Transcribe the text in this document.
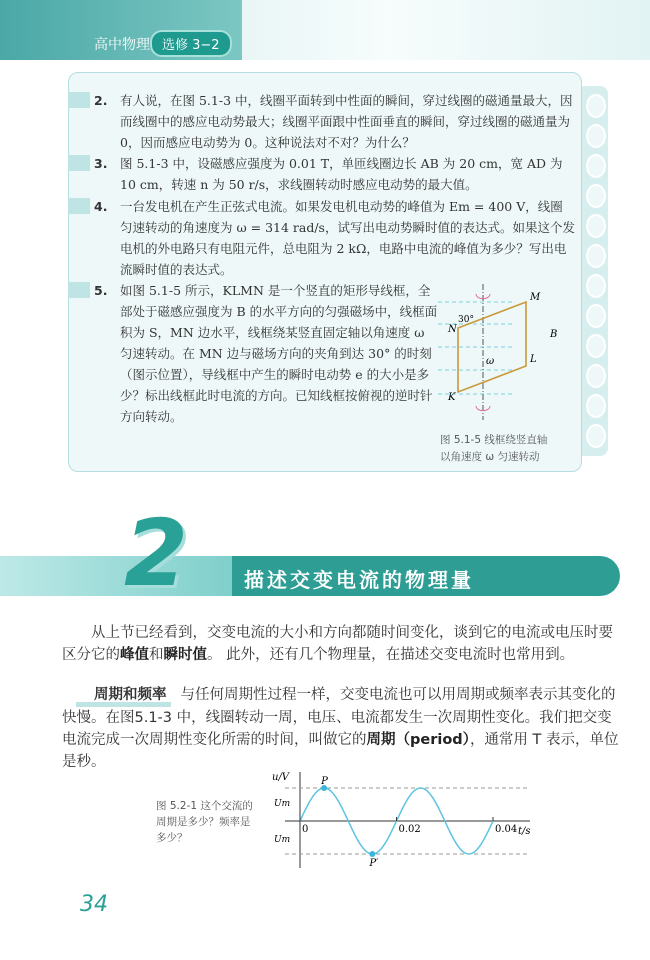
高中物理 选修 3−2
2. 有人说，在图 5.1-3 中，线圈平面转到中性面的瞬间，穿过线圈的磁通量最大，因而线圈中的感应电动势最大；线圈平面跟中性面垂直的瞬间，穿过线圈的磁通量为 0，因而感应电动势为 0。这种说法对不对？为什么？
3. 图 5.1-3 中，设磁感应强度为 0.01 T，单匝线圈边长 AB 为 20 cm，宽 AD 为 10 cm，转速 n 为 50 r/s，求线圈转动时感应电动势的最大值。
4. 一台发电机在产生正弦式电流。如果发电机电动势的峰值为 Em = 400 V，线圈匀速转动的角速度为 ω = 314 rad/s，试写出电动势瞬时值的表达式。如果这个发电机的外电路只有电阻元件，总电阻为 2 kΩ，电路中电流的峰值为多少？写出电流瞬时值的表达式。
5. 如图 5.1-5 所示，KLMN 是一个竖直的矩形导线框，全部处于磁感应强度为 B 的水平方向的匀强磁场中，线框面积为 S，MN 边水平，线框绕某竖直固定轴以角速度 ω 匀速转动。在 MN 边与磁场方向的夹角到达 30° 的时刻（图示位置），导线框中产生的瞬时电动势 e 的大小是多少？标出线框此时电流的方向。已知线框按俯视的逆时针方向转动。
M
N
K
L
B
ω
30°
图 5.1-5 线框绕竖直轴
以角速度 ω 匀速转动
2	描述交变电流的物理量
从上节已经看到，交变电流的大小和方向都随时间变化，谈到它的电流或电压时要区分它的峰值和瞬时值。 此外，还有几个物理量，在描述交变电流时也常用到。
周期和频率 与任何周期性过程一样，交变电流也可以用周期或频率表示其变化的快慢。在图5.1-3 中，线圈转动一周，电压、电流都发生一次周期性变化。我们把交变电流完成一次周期性变化所需的时间，叫做它的周期（period），通常用 T 表示，单位是秒。
图 5.2-1 这个交流的周期是多少？频率是多少？
u/V
t/s
Um
Um
0	0.02	0.04
P
P′
34
